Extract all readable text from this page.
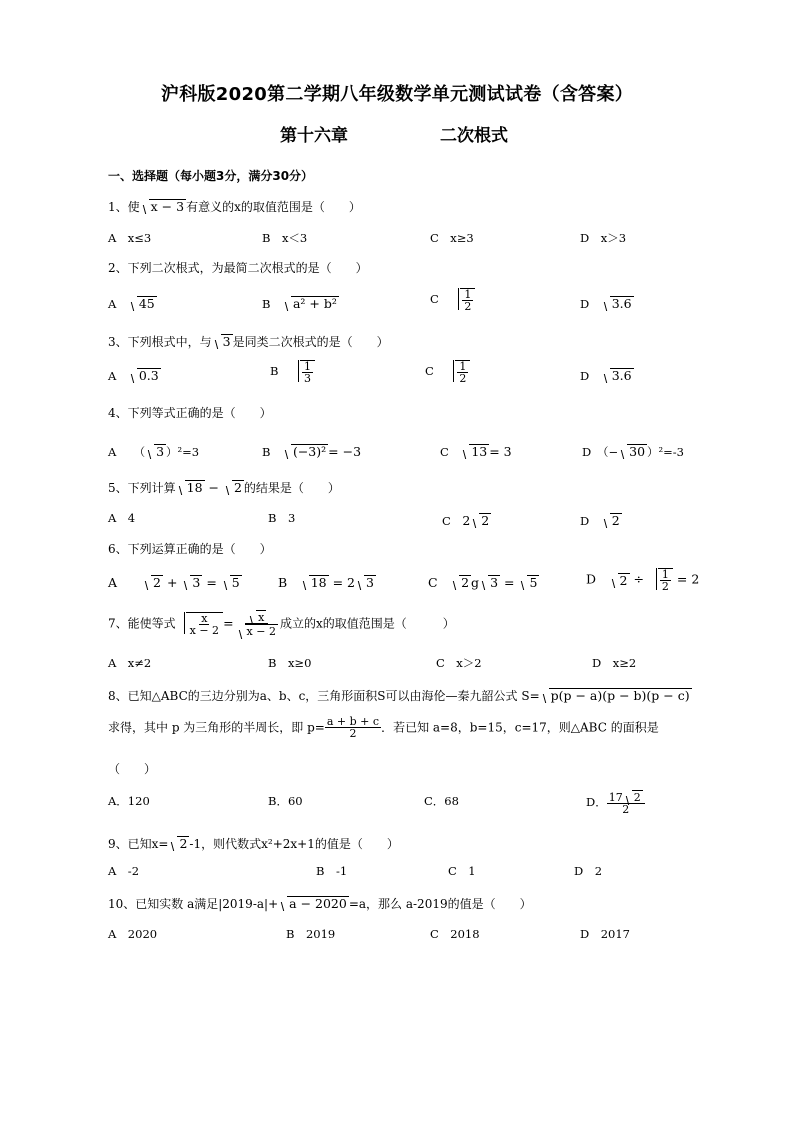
沪科版2020第二学期八年级数学单元测试试卷（含答案）
第十六章	二次根式
一、选择题（每小题3分，满分30分）
1、使 x − 3 有意义的x的取值范围是（　　）
A　x≤3	B　x＜3	C　x≥3	D　x＞3
2、下列二次根式，为最简二次根式的是（　　）
A　 45	B　 a² + b²	C　 $\frac{1}{2}$	D　 3.6
3、下列根式中，与 3 是同类二次根式的是（　　）
A　 0.3	B　 $\frac{1}{3}$	C　 $\frac{1}{2}$	D　 3.6
4、下列等式正确的是（　　）
A　　 （ 3 ）²=3	B　 (−3)² = −3	C　 13 = 3	D　 （− 30 ）²=-3
5、下列计算 18 − 2 的结果是（　　）
A　4	B　3	C　 2 2	D　 2
6、下列运算正确的是（　　）
A　　	2 + 3 = 5	B　 18 = 2 3	C　 2 g 3 = 5	D　 $2 \div \frac{1}{2} = 2$
7、能使等式 $\frac{x}{x - 2} = \frac{x}{x - 2}$ 成立的x的取值范围是（　　　）
A　x≠2	B　x≥0	C　x＞2	D　x≥2
8、已知△ABC的三边分别为a、b、c，三角形面积S可以由海伦—秦九韶公式 S= p(p − a)(p − b)(p − c)
求得，其中 p 为三角形的半周长，即 $p= \frac{a + b + c}{2}$ ．若已知 a=8，b=15，c=17，则△ABC 的面积是
（　　）
A．120	B．60	C．68	D． $\frac{17 2}{2}$
9、已知x= 2 -1，则代数式x²+2x+1的值是（　　）
A　-2	B　-1	C　1	D　2
10、已知实数 a满足|2019-a|+ a − 2020 =a，那么 a-2019的值是（　　）
A　2020	B　2019	C　2018	D　2017
